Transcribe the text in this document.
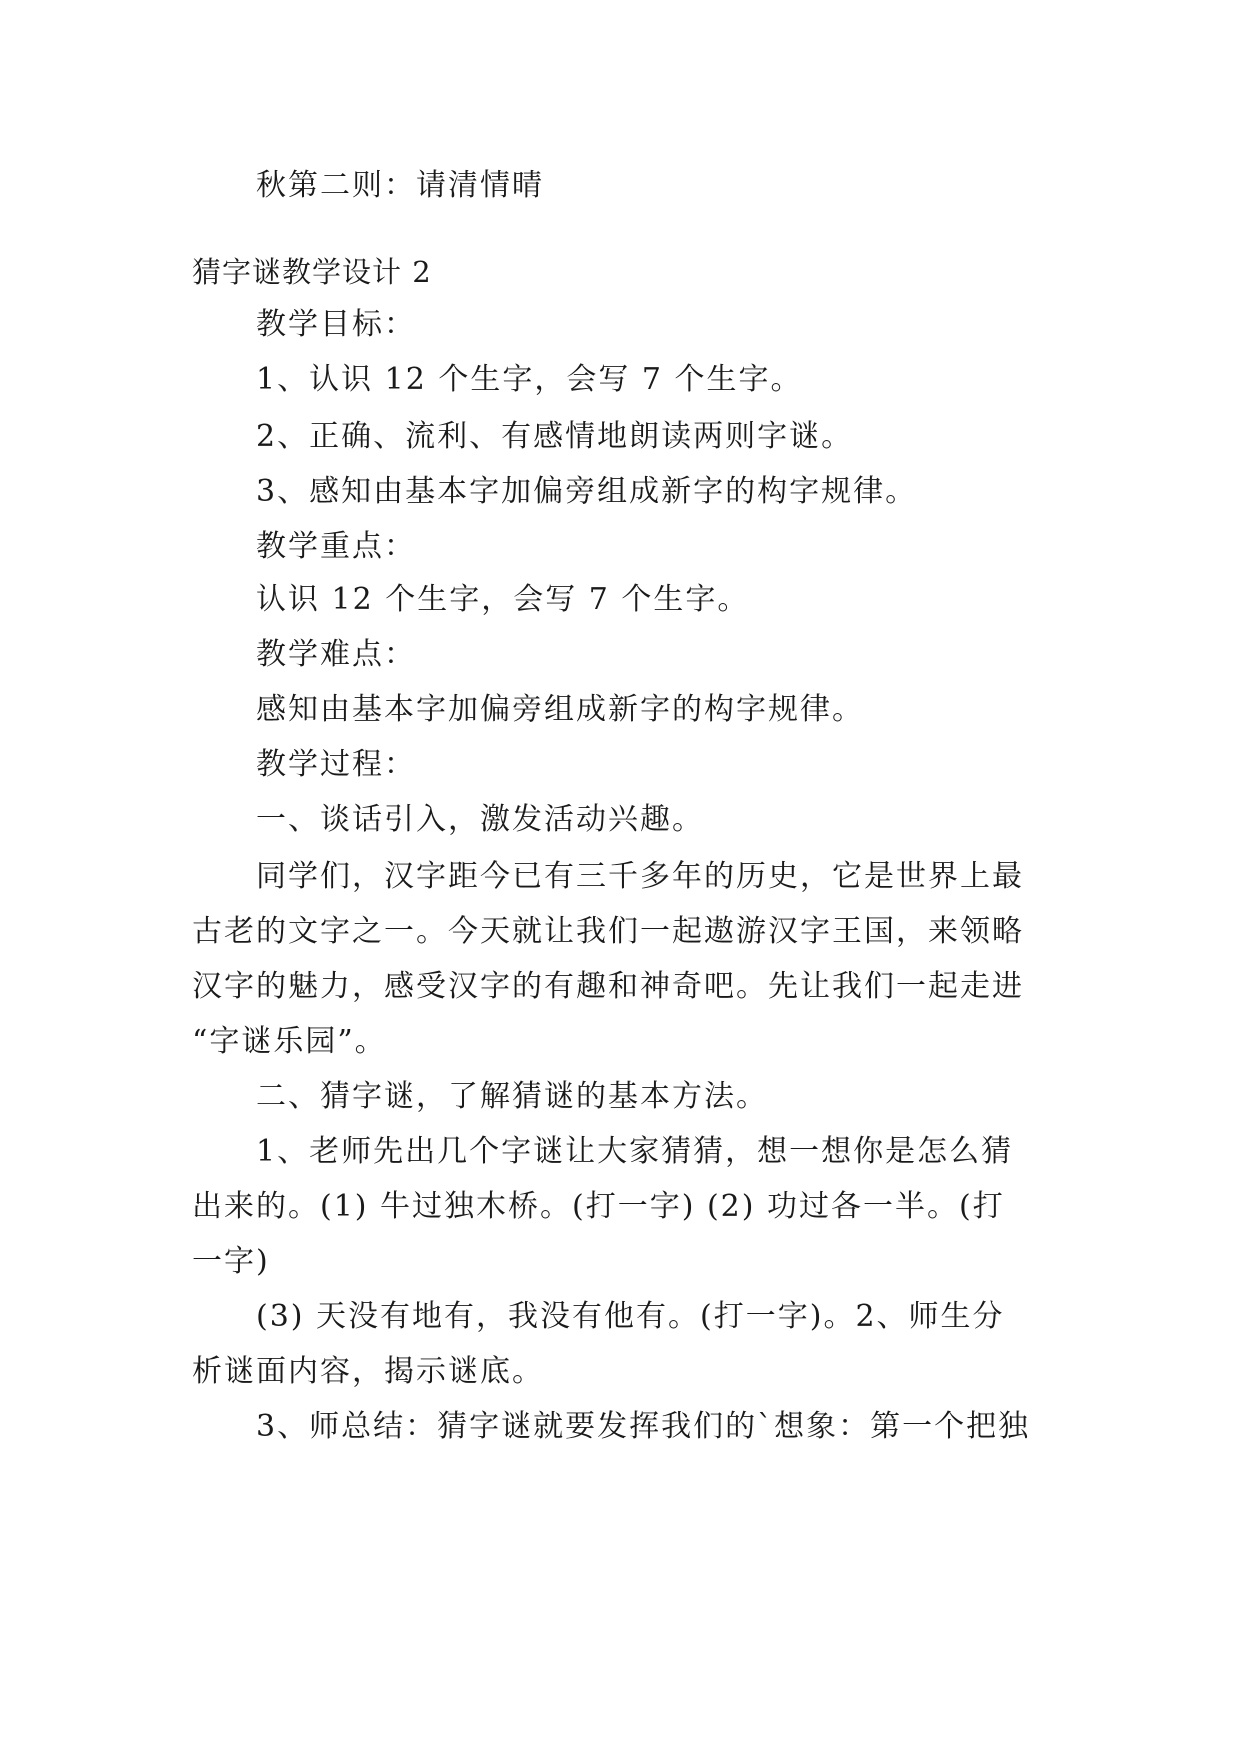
秋第二则：请清情晴
猜字谜教学设计 2
教学目标：
1、认识 12 个生字，会写 7 个生字。
2、正确、流利、有感情地朗读两则字谜。
3、感知由基本字加偏旁组成新字的构字规律。
教学重点：
认识 12 个生字，会写 7 个生字。
教学难点：
感知由基本字加偏旁组成新字的构字规律。
教学过程：
一、谈话引入，激发活动兴趣。
同学们，汉字距今已有三千多年的历史，它是世界上最
古老的文字之一。今天就让我们一起遨游汉字王国，来领略
汉字的魅力，感受汉字的有趣和神奇吧。先让我们一起走进
“字谜乐园”。
二、猜字谜，了解猜谜的基本方法。
1、老师先出几个字谜让大家猜猜，想一想你是怎么猜
出来的。(1) 牛过独木桥。(打一字) (2) 功过各一半。(打
一字)
(3) 天没有地有，我没有他有。(打一字)。2、师生分
析谜面内容，揭示谜底。
3、师总结：猜字谜就要发挥我们的`想象：第一个把独
